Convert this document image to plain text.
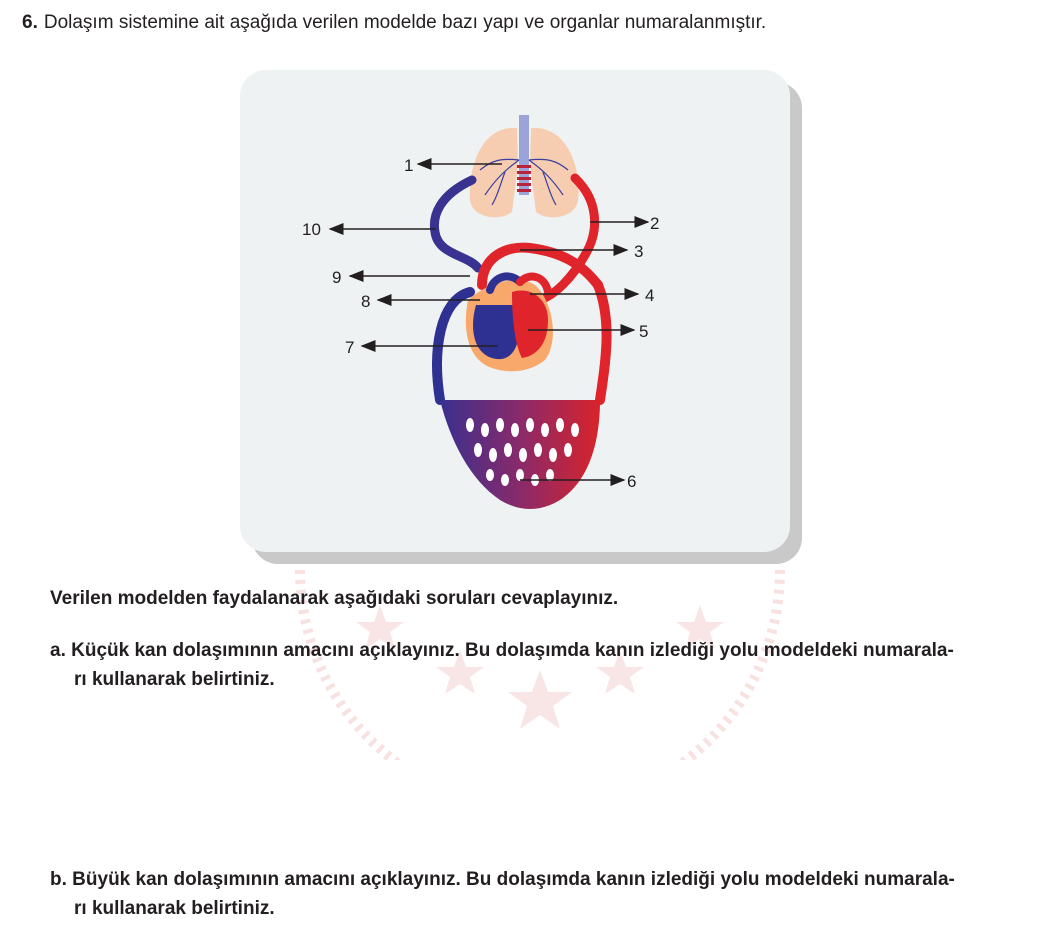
6. Dolaşım sistemine ait aşağıda verilen modelde bazı yapı ve organlar numaralanmıştır.
1
2
3
4
5
6
7
8
9
10
Verilen modelden faydalanarak aşağıdaki soruları cevaplayınız.
a. Küçük kan dolaşımının amacını açıklayınız. Bu dolaşımda kanın izlediği yolu modeldeki numarala-
rı kullanarak belirtiniz.
b. Büyük kan dolaşımının amacını açıklayınız. Bu dolaşımda kanın izlediği yolu modeldeki numarala-
rı kullanarak belirtiniz.
